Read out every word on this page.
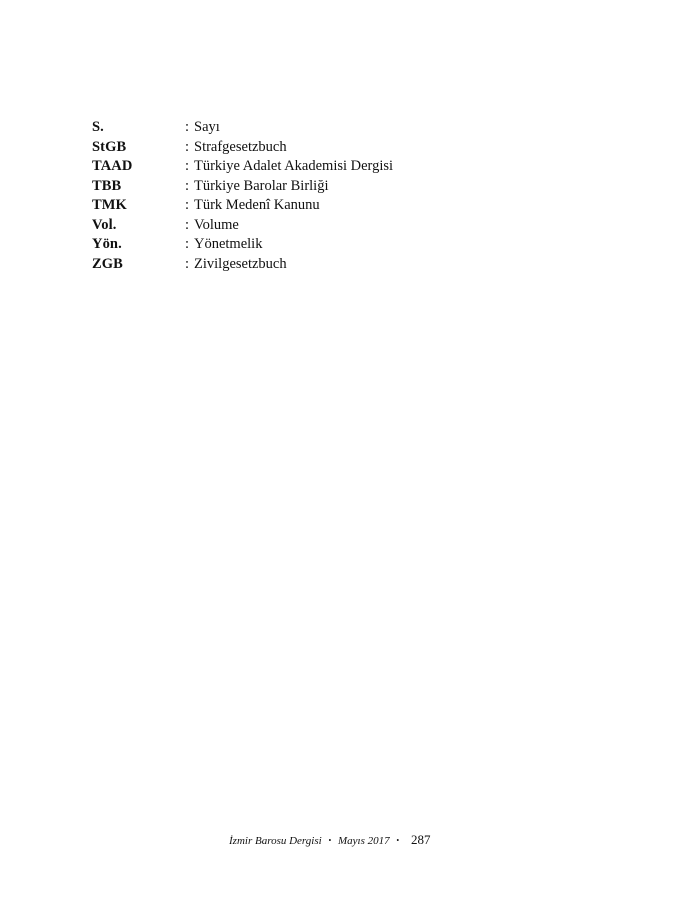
S.	: Sayı
StGB	: Strafgesetzbuch
TAAD	: Türkiye Adalet Akademisi Dergisi
TBB	: Türkiye Barolar Birliği
TMK	: Türk Medenî Kanunu
Vol.	: Volume
Yön.	: Yönetmelik
ZGB	: Zivilgesetzbuch
İzmir Barosu Dergisi • Mayıs 2017 • 287
